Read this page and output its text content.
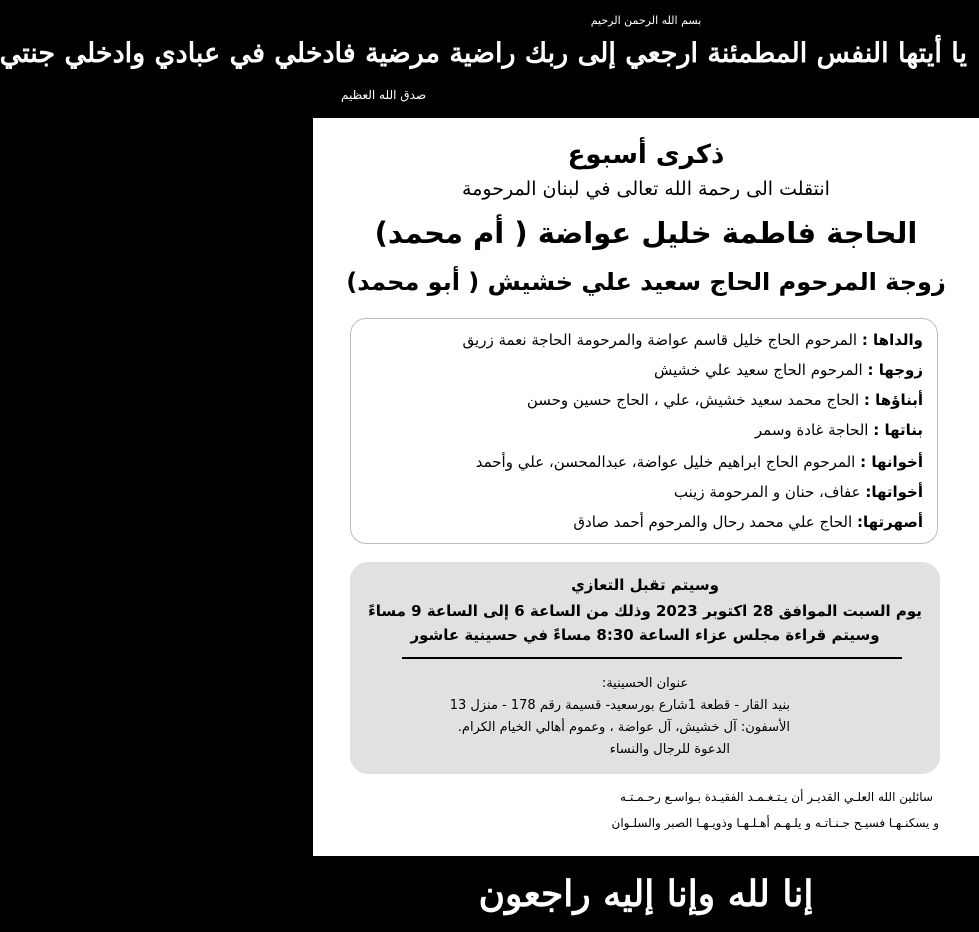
بسم الله الرحمن الرحيم
يا أيتها النفس المطمئنة ارجعي إلى ربك راضية مرضية فادخلي في عبادي وادخلي جنتي
صدق الله العظيم
ذكرى أسبوع
انتقلت الى رحمة الله تعالى في لبنان المرحومة
الحاجة فاطمة خليل عواضة ( أم محمد)
زوجة المرحوم الحاج سعيد علي خشيش ( أبو محمد)
والداها : المرحوم الحاج خليل قاسم عواضة والمرحومة الحاجة نعمة زريق
زوجها : المرحوم الحاج سعيد علي خشيش
أبناؤها : الحاج محمد سعيد خشيش، علي ، الحاج حسين وحسن
بناتها : الحاجة غادة وسمر
أخوانها : المرحوم الحاج ابراهيم خليل عواضة، عبدالمحسن، علي وأحمد
أخواتها: عفاف، حنان و المرحومة زينب
أصهرتها: الحاج علي محمد رحال والمرحوم أحمد صادق
وسيتم تقبل التعازي
يوم السبت الموافق 28 اكتوبر 2023 وذلك من الساعة 6 إلى الساعة 9 مساءً
وسيتم قراءة مجلس عزاء الساعة 8:30 مساءً في حسينية عاشور
عنوان الحسينية:
بنيد القار - قطعة 1شارع بورسعيد- قسيمة رقم 178 - منزل 13
الأسفون: آل خشيش، آل عواضة ، وعموم أهالي الخيام الكرام.
الدعوة للرجال والنساء
سائلين الله العلـي القديـر أن يـتـغـمـد الفقيـدة بـواسـع رحـمـتـه
و يسكنـهـا فسيـح جـنـاتـه و يلـهـم أهـلـهـا وذويـهـا الصبر والسلـوان
إنا لله وإنا إليه راجعون
